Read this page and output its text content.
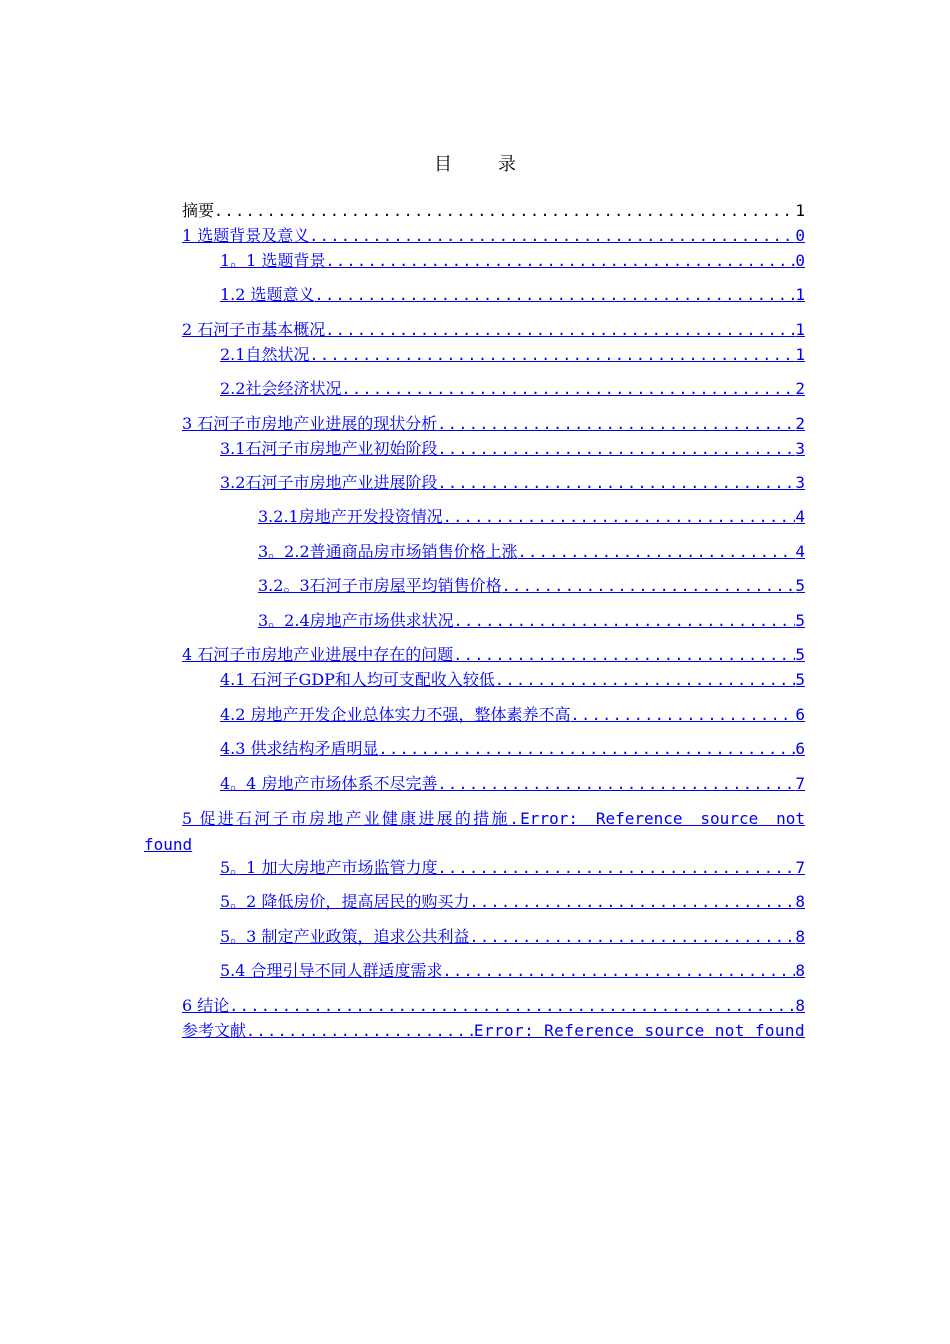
目　录
摘要 .....	1
1 选题背景及意义 .....	0
1。1 选题背景 .....	0
1.2 选题意义 .....	1
2 石河子市基本概况 .....	1
2.1自然状况 .....	1
2.2社会经济状况 .....	2
3 石河子市房地产业进展的现状分析 .....	2
3.1石河子市房地产业初始阶段 .....	3
3.2石河子市房地产业进展阶段 .....	3
3.2.1房地产开发投资情况 .....	4
3。2.2普通商品房市场销售价格上涨 .....	4
3.2。3石河子市房屋平均销售价格 .....	5
3。2.4房地产市场供求状况 .....	5
4 石河子市房地产业进展中存在的问题 .....	5
4.1 石河子GDP和人均可支配收入较低 .....	5
4.2 房地产开发企业总体实力不强，整体素养不高 .....	6
4.3 供求结构矛盾明显 .....	6
4。4 房地产市场体系不尽完善 .....	7
5 促进石河子市房地产业健康进展的措施.Error: Reference source not found
5。1 加大房地产市场监管力度 .....	7
5。2 降低房价，提高居民的购买力 .....	8
5。3 制定产业政策，追求公共利益 .....	8
5.4 合理引导不同人群适度需求 .....	8
6 结论 .....	8
参考文献 .....	Error: Reference source not found
